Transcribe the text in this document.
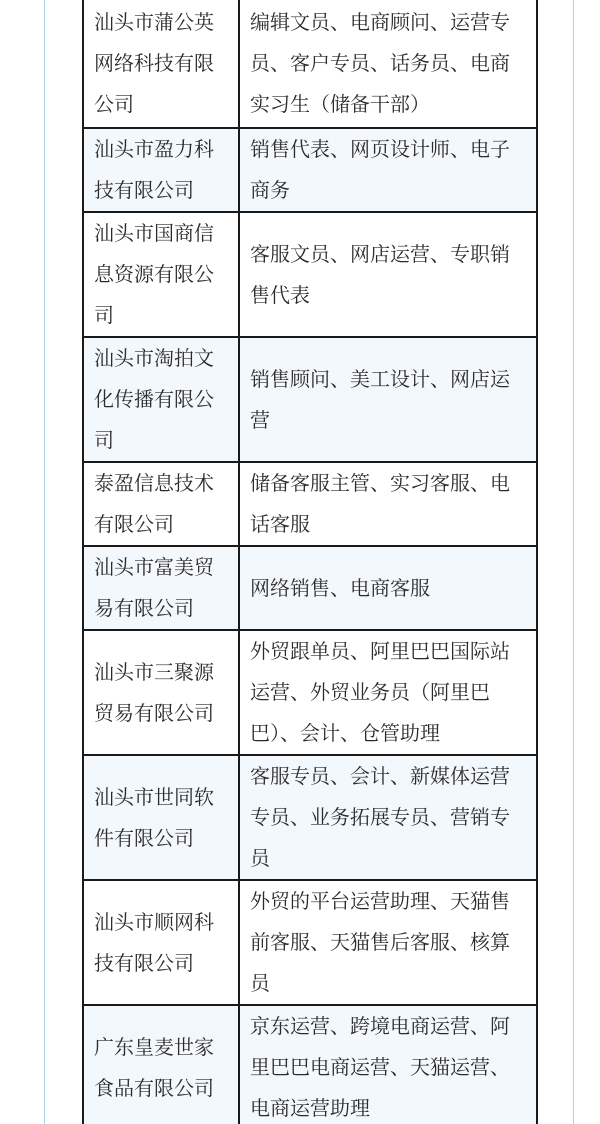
汕头市蒲公英网络科技有限公司	编辑文员、电商顾问、运营专员、客户专员、话务员、电商实习生（储备干部）
汕头市盈力科技有限公司	销售代表、网页设计师、电子商务
汕头市国商信息资源有限公司	客服文员、网店运营、专职销售代表
汕头市淘拍文化传播有限公司	销售顾问、美工设计、网店运营
泰盈信息技术有限公司	储备客服主管、实习客服、电话客服
汕头市富美贸易有限公司	网络销售、电商客服
汕头市三聚源贸易有限公司	外贸跟单员、阿里巴巴国际站运营、外贸业务员（阿里巴巴）、会计、仓管助理
汕头市世同软件有限公司	客服专员、会计、新媒体运营专员、业务拓展专员、营销专员
汕头市顺网科技有限公司	外贸的平台运营助理、天猫售前客服、天猫售后客服、核算员
广东皇麦世家食品有限公司	京东运营、跨境电商运营、阿里巴巴电商运营、天猫运营、电商运营助理
